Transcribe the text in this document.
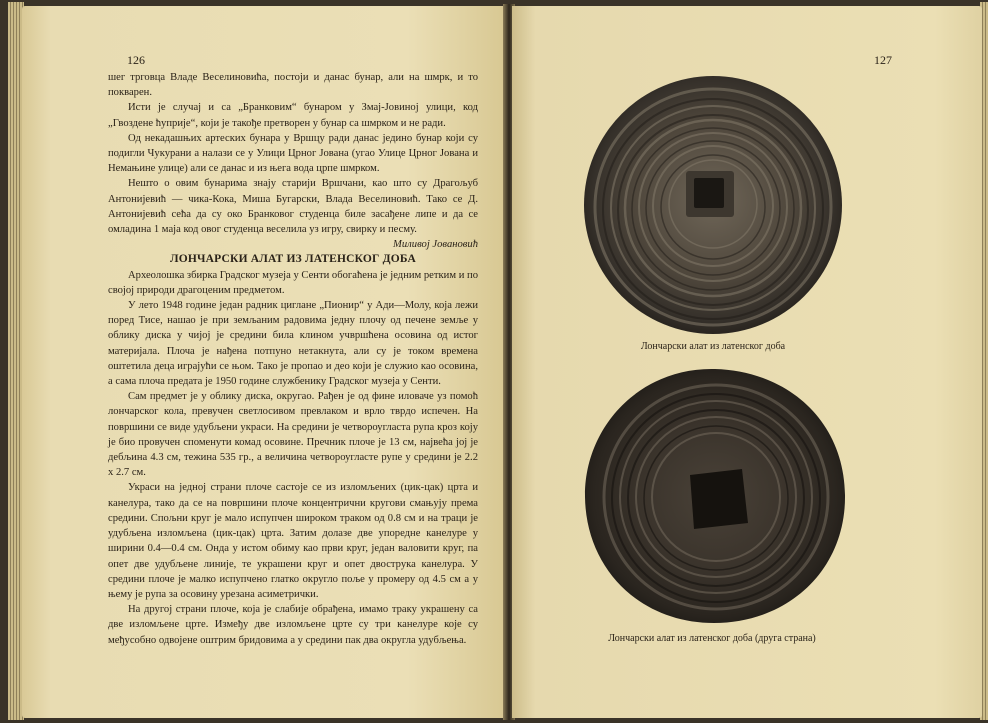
126	127

шег трговца Владе Веселиновића, постоји и данас бунар, али на шмрк, и то покварен.

Исти је случај и са „Бранковим“ бунаром у Змај-Јовиној улици, код „Гвоздене ћуприје“, који је такође претворен у бунар са шмрком и не ради.

Од некадашњих артеских бунара у Вршцу ради данас једино бунар који су подигли Чукурани а налази се у Улици Црног Јована (угао Улице Црног Јована и Немањине улице) али се данас и из њега вода црпе шмрком.

Нешто о овим бунарима знају старији Вршчани, као што су Драгољуб Антонијевић — чика-Кока, Миша Бугарски, Влада Веселиновић. Тако се Д. Антонијевић сећа да су око Бранковог студенца биле засађене липе и да се омладина 1 маја код овог студенца веселила уз игру, свирку и песму.

Миливој Јовановић

ЛОНЧАРСКИ АЛАТ ИЗ ЛАТЕНСКОГ ДОБА

Археолошка збирка Градског музеја у Сенти обогаћена је једним ретким и по својој природи драгоценим предметом.

У лето 1948 године један радник циглане „Пионир“ у Ади—Молу, која лежи поред Тисе, нашао је при земљаним радовима једну плочу од печене земље у облику диска у чијој је средини била клином учвршћена осовина од истог материјала. Плоча је нађена потпуно нетакнута, али су је током времена оштетила деца играјући се њом. Тако је пропао и део који је служио као осовина, а сама плоча предата је 1950 године службенику Градског музеја у Сенти.

Сам предмет је у облику диска, округао. Рађен је од фине иловаче уз помоћ лончарског кола, превучен светлосивом превлаком и врло тврдо испечен. На површини се виде удубљени украси. На средини је четвороугласта рупа кроз коју је био провучен споменути комад осовине. Пречник плоче је 13 см, највећа јој је дебљина 4.3 см, тежина 535 гр., а величина четвороугласте рупе у средини је 2.2 x 2.7 см.

Украси на једној страни плоче састоје се из изломљених (цик-цак) црта и канелура, тако да се на површини плоче концентрични кругови смањују према средини. Спољни круг је мало испупчен широком траком од 0.8 см и на траци је удубљена изломљена (цик-цак) црта. Затим долазе две упоредне канелуре у ширини 0.4—0.4 см. Онда у истом обиму као први круг, један валовити круг, па опет две удубљене линије, те украшени круг и опет двострука канелура. У средини плоче је малко испупчено глатко округло поље у промеру од 4.5 см а у њему је рупа за осовину урезана асиметрички.

На другој страни плоче, која је слабије обрађена, имамо траку украшену са две изломљене црте. Између две изломљене црте су три канелуре које су међусобно одвојене оштрим бридовима а у средини пак два округла удубљења.

Лончарски алат из латенског доба
Лончарски алат из латенског доба (друга страна)
